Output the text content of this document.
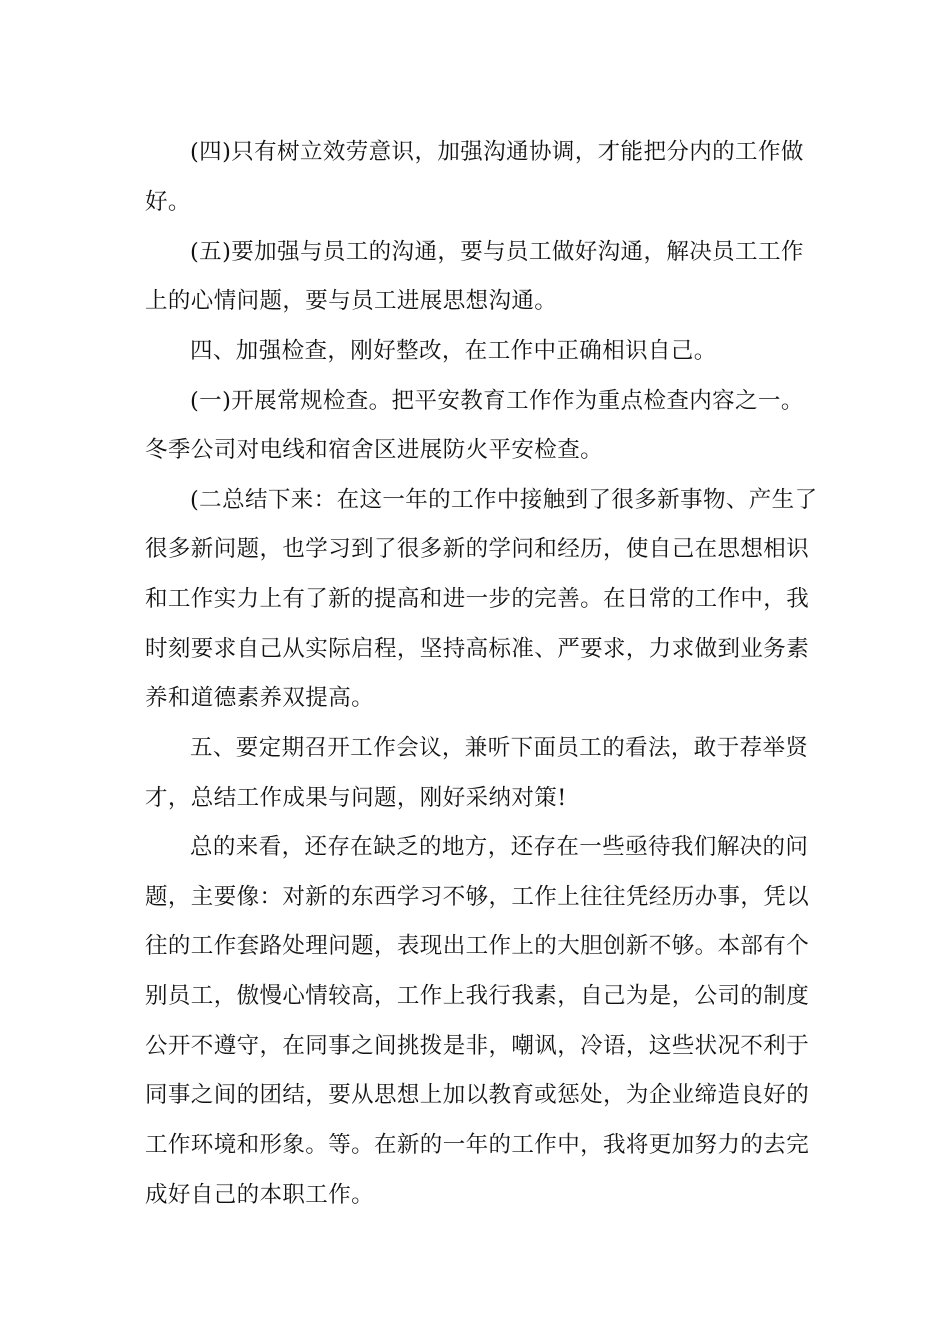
(四)只有树立效劳意识，加强沟通协调，才能把分内的工作做
好。
(五)要加强与员工的沟通，要与员工做好沟通，解决员工工作
上的心情问题，要与员工进展思想沟通。
四、加强检查，刚好整改，在工作中正确相识自己。
(一)开展常规检查。把平安教育工作作为重点检查内容之一。
冬季公司对电线和宿舍区进展防火平安检查。
(二总结下来：在这一年的工作中接触到了很多新事物、产生了
很多新问题，也学习到了很多新的学问和经历，使自己在思想相识
和工作实力上有了新的提高和进一步的完善。在日常的工作中，我
时刻要求自己从实际启程，坚持高标准、严要求，力求做到业务素
养和道德素养双提高。
五、要定期召开工作会议，兼听下面员工的看法，敢于荐举贤
才，总结工作成果与问题，刚好采纳对策!
总的来看，还存在缺乏的地方，还存在一些亟待我们解决的问
题，主要像：对新的东西学习不够，工作上往往凭经历办事，凭以
往的工作套路处理问题，表现出工作上的大胆创新不够。本部有个
别员工，傲慢心情较高，工作上我行我素，自己为是，公司的制度
公开不遵守，在同事之间挑拨是非，嘲讽，冷语，这些状况不利于
同事之间的团结，要从思想上加以教育或惩处，为企业缔造良好的
工作环境和形象。等。在新的一年的工作中，我将更加努力的去完
成好自己的本职工作。
